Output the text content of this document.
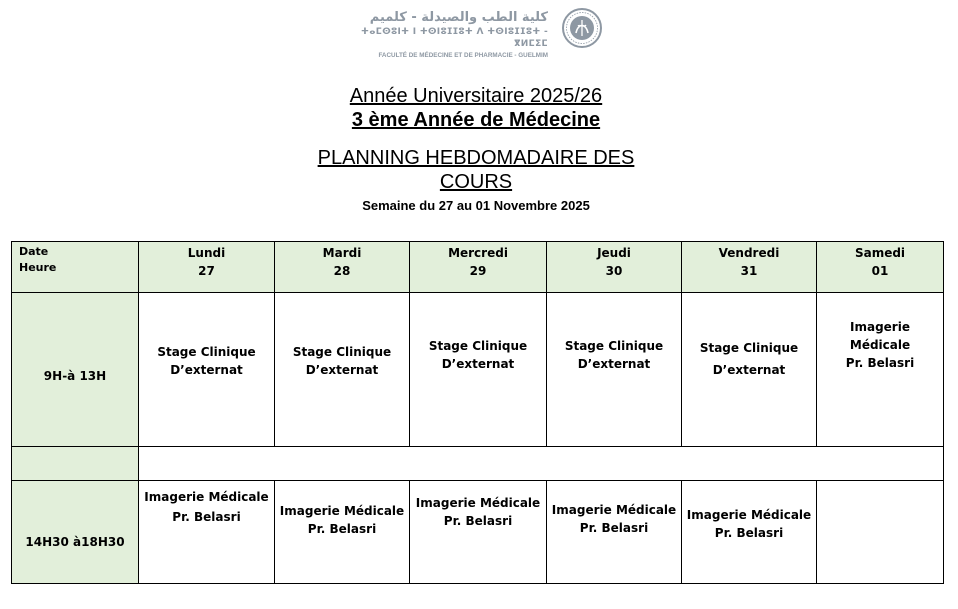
كلية الطب والصيدلة - كلميم
ⵜⴰⵎⵙⵓⵏⵜ ⵏ ⵜⵙⵏⵓⵊⵊⵓⵜ ⴷ ⵜⵙⵏⵓⵊⵊⵓⵜ - ⴳⵍⵎⵉⵎ
FACULTÉ DE MÉDECINE ET DE PHARMACIE - GUELMIM
Année Universitaire 2025/26
3 ème Année de Médecine
PLANNING HEBDOMADAIRE DES
COURS
Semaine du 27 au 01 Novembre 2025
Date
Heure
Lundi
27
Mardi
28
Mercredi
29
Jeudi
30
Vendredi
31
Samedi
01
9H-à 13H
Stage Clinique
D’externat
Stage Clinique
D’externat
Stage Clinique
D’externat
Stage Clinique
D’externat
Stage Clinique
D’externat
Imagerie
Médicale
Pr. Belasri
14H30 à18H30
Imagerie Médicale
Pr. Belasri	Imagerie Médicale
Pr. Belasri
Imagerie Médicale
Pr. Belasri
Imagerie Médicale
Pr. Belasri
Imagerie Médicale
Pr. Belasri
